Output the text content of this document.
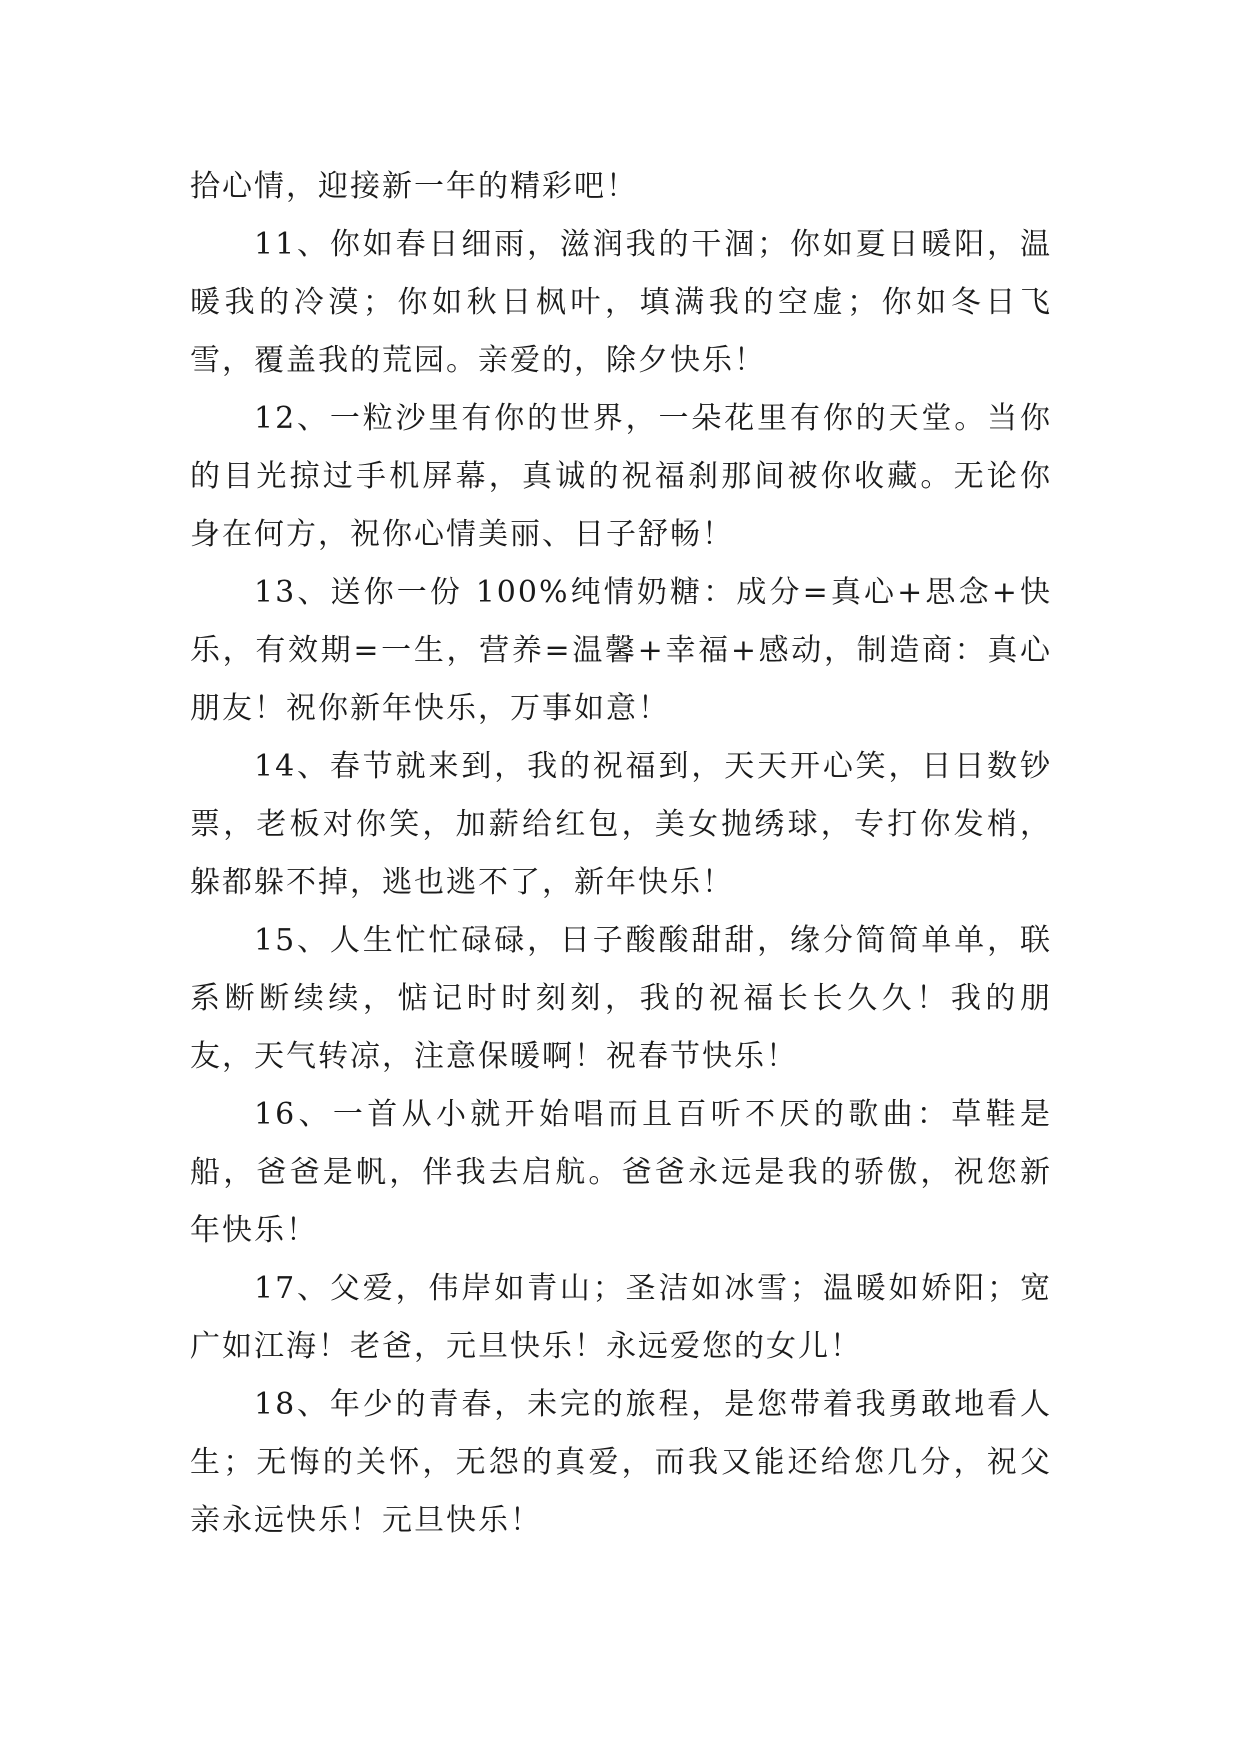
拾心情，迎接新一年的精彩吧！

11、你如春日细雨，滋润我的干涸；你如夏日暖阳，温暖我的冷漠；你如秋日枫叶，填满我的空虚；你如冬日飞雪，覆盖我的荒园。亲爱的，除夕快乐！

12、一粒沙里有你的世界，一朵花里有你的天堂。当你的目光掠过手机屏幕，真诚的祝福刹那间被你收藏。无论你身在何方，祝你心情美丽、日子舒畅！

13、送你一份 100%纯情奶糖：成分=真心+思念+快乐，有效期=一生，营养=温馨+幸福+感动，制造商：真心朋友！祝你新年快乐，万事如意！

14、春节就来到，我的祝福到，天天开心笑，日日数钞票，老板对你笑，加薪给红包，美女抛绣球，专打你发梢，躲都躲不掉，逃也逃不了，新年快乐！

15、人生忙忙碌碌，日子酸酸甜甜，缘分简简单单，联系断断续续，惦记时时刻刻，我的祝福长长久久！我的朋友，天气转凉，注意保暖啊！祝春节快乐！

16、一首从小就开始唱而且百听不厌的歌曲：草鞋是船，爸爸是帆，伴我去启航。爸爸永远是我的骄傲，祝您新年快乐！

17、父爱，伟岸如青山；圣洁如冰雪；温暖如娇阳；宽广如江海！老爸，元旦快乐！永远爱您的女儿！

18、年少的青春，未完的旅程，是您带着我勇敢地看人生；无悔的关怀，无怨的真爱，而我又能还给您几分，祝父亲永远快乐！元旦快乐！
